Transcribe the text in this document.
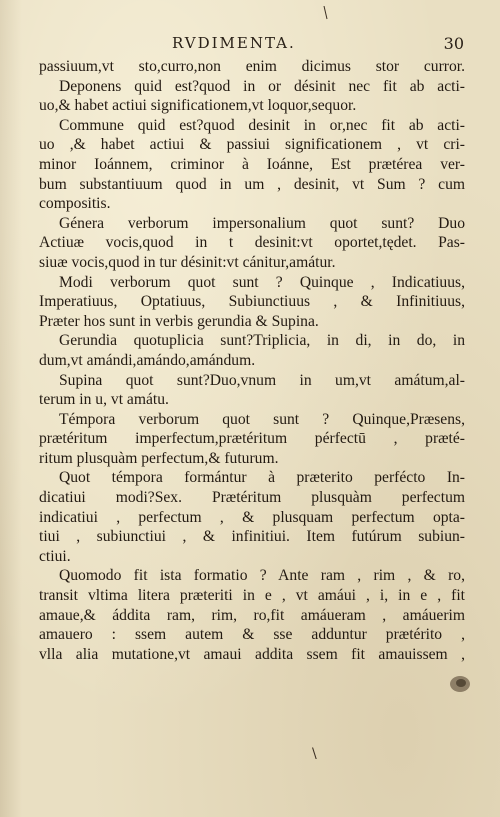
RVDIMENTA.	30
passiuum,vt sto,curro,non enim dicimus stor curror.
Deponens quid est?quod in or désinit nec fit ab acti-
uo,& habet actiui significationem,vt loquor,sequor.
Commune quid est?quod desinit in or,nec fit ab acti-
uo ,& habet actiui & passiui significationem , vt cri-
minor Ioánnem, criminor à Ioánne, Est prætérea ver-
bum substantiuum quod in um , desinit, vt Sum ? cum
compositis.
Génera verborum impersonalium quot sunt? Duo
Actiuæ vocis,quod in t desinit:vt oportet,tędet. Pas-
siuæ vocis,quod in tur désinit:vt cánitur,amátur.
Modi verborum quot sunt ? Quinque , Indicatiuus,
Imperatiuus, Optatiuus, Subiunctiuus , & Infinitiuus,
Præter hos sunt in verbis gerundia & Supina.
Gerundia quotuplicia sunt?Triplicia, in di, in do, in
dum,vt amándi,amándo,amándum.
Supina quot sunt?Duo,vnum in um,vt amátum,al-
terum in u, vt amátu.
Témpora verborum quot sunt ? Quinque,Præsens,
prætéritum imperfectum,prætéritum pérfectū , præté-
ritum plusquàm perfectum,& futurum.
Quot témpora formántur à præterito perfécto In-
dicatiui modi?Sex. Prætéritum plusquàm perfectum
indicatiui , perfectum , & plusquam perfectum opta-
tiui , subiunctiui , & infinitiui. Item futúrum subiun-
ctiui.
Quomodo fit ista formatio ? Ante ram , rim , & ro,
transit vltima litera præteriti in e , vt amáui , i, in e , fit
amaue,& áddita ram, rim, ro,fit amáueram , amáuerim
amauero : ssem autem & sse adduntur prætérito ,
vlla alia mutatione,vt amaui addita ssem fit amauissem ,
\
